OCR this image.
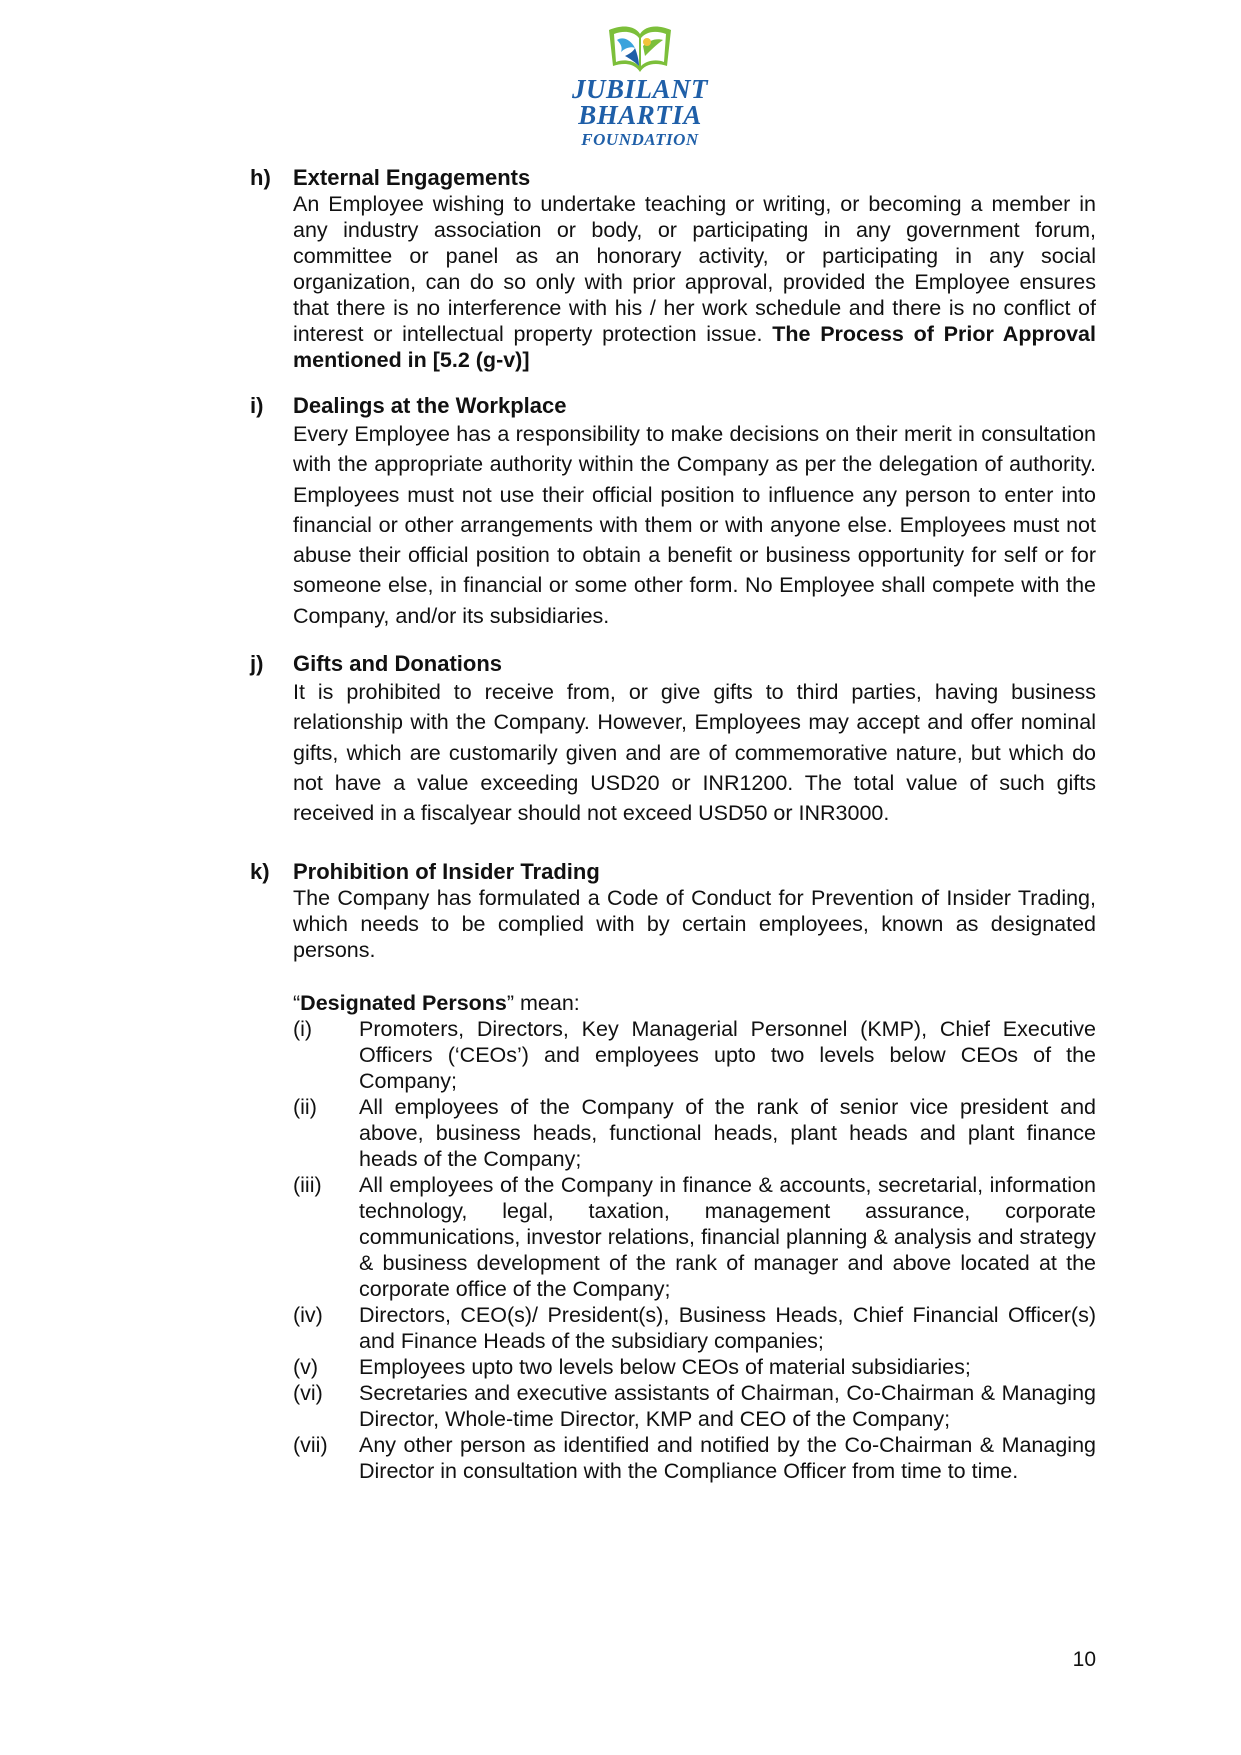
JUBILANT
BHARTIA
FOUNDATION
h) External Engagements

An Employee wishing to undertake teaching or writing, or becoming a member in any industry association or body, or participating in any government forum, committee or panel as an honorary activity, or participating in any social organization, can do so only with prior approval, provided the Employee ensures that there is no interference with his / her work schedule and there is no conflict of interest or intellectual property protection issue. The Process of Prior Approval mentioned in [5.2 (g-v)]

i) Dealings at the Workplace

Every Employee has a responsibility to make decisions on their merit in consultation with the appropriate authority within the Company as per the delegation of authority. Employees must not use their official position to influence any person to enter into financial or other arrangements with them or with anyone else. Employees must not abuse their official position to obtain a benefit or business opportunity for self or for someone else, in financial or some other form. No Employee shall compete with the Company, and/or its subsidiaries.

j) Gifts and Donations

It is prohibited to receive from, or give gifts to third parties, having business relationship with the Company. However, Employees may accept and offer nominal gifts, which are customarily given and are of commemorative nature, but which do not have a value exceeding USD20 or INR1200. The total value of such gifts received in a fiscalyear should not exceed USD50 or INR3000.

k) Prohibition of Insider Trading

The Company has formulated a Code of Conduct for Prevention of Insider Trading, which needs to be complied with by certain employees, known as designated persons.

“Designated Persons” mean:
(i) Promoters, Directors, Key Managerial Personnel (KMP), Chief Executive Officers (‘CEOs’) and employees upto two levels below CEOs of the Company;
(ii) All employees of the Company of the rank of senior vice president and above, business heads, functional heads, plant heads and plant finance heads of the Company;
(iii) All employees of the Company in finance & accounts, secretarial, information technology, legal, taxation, management assurance, corporate communications, investor relations, financial planning & analysis and strategy & business development of the rank of manager and above located at the corporate office of the Company;
(iv) Directors, CEO(s)/ President(s), Business Heads, Chief Financial Officer(s) and Finance Heads of the subsidiary companies;
(v) Employees upto two levels below CEOs of material subsidiaries;
(vi) Secretaries and executive assistants of Chairman, Co-Chairman & Managing Director, Whole-time Director, KMP and CEO of the Company;
(vii) Any other person as identified and notified by the Co-Chairman & Managing Director in consultation with the Compliance Officer from time to time.
10
